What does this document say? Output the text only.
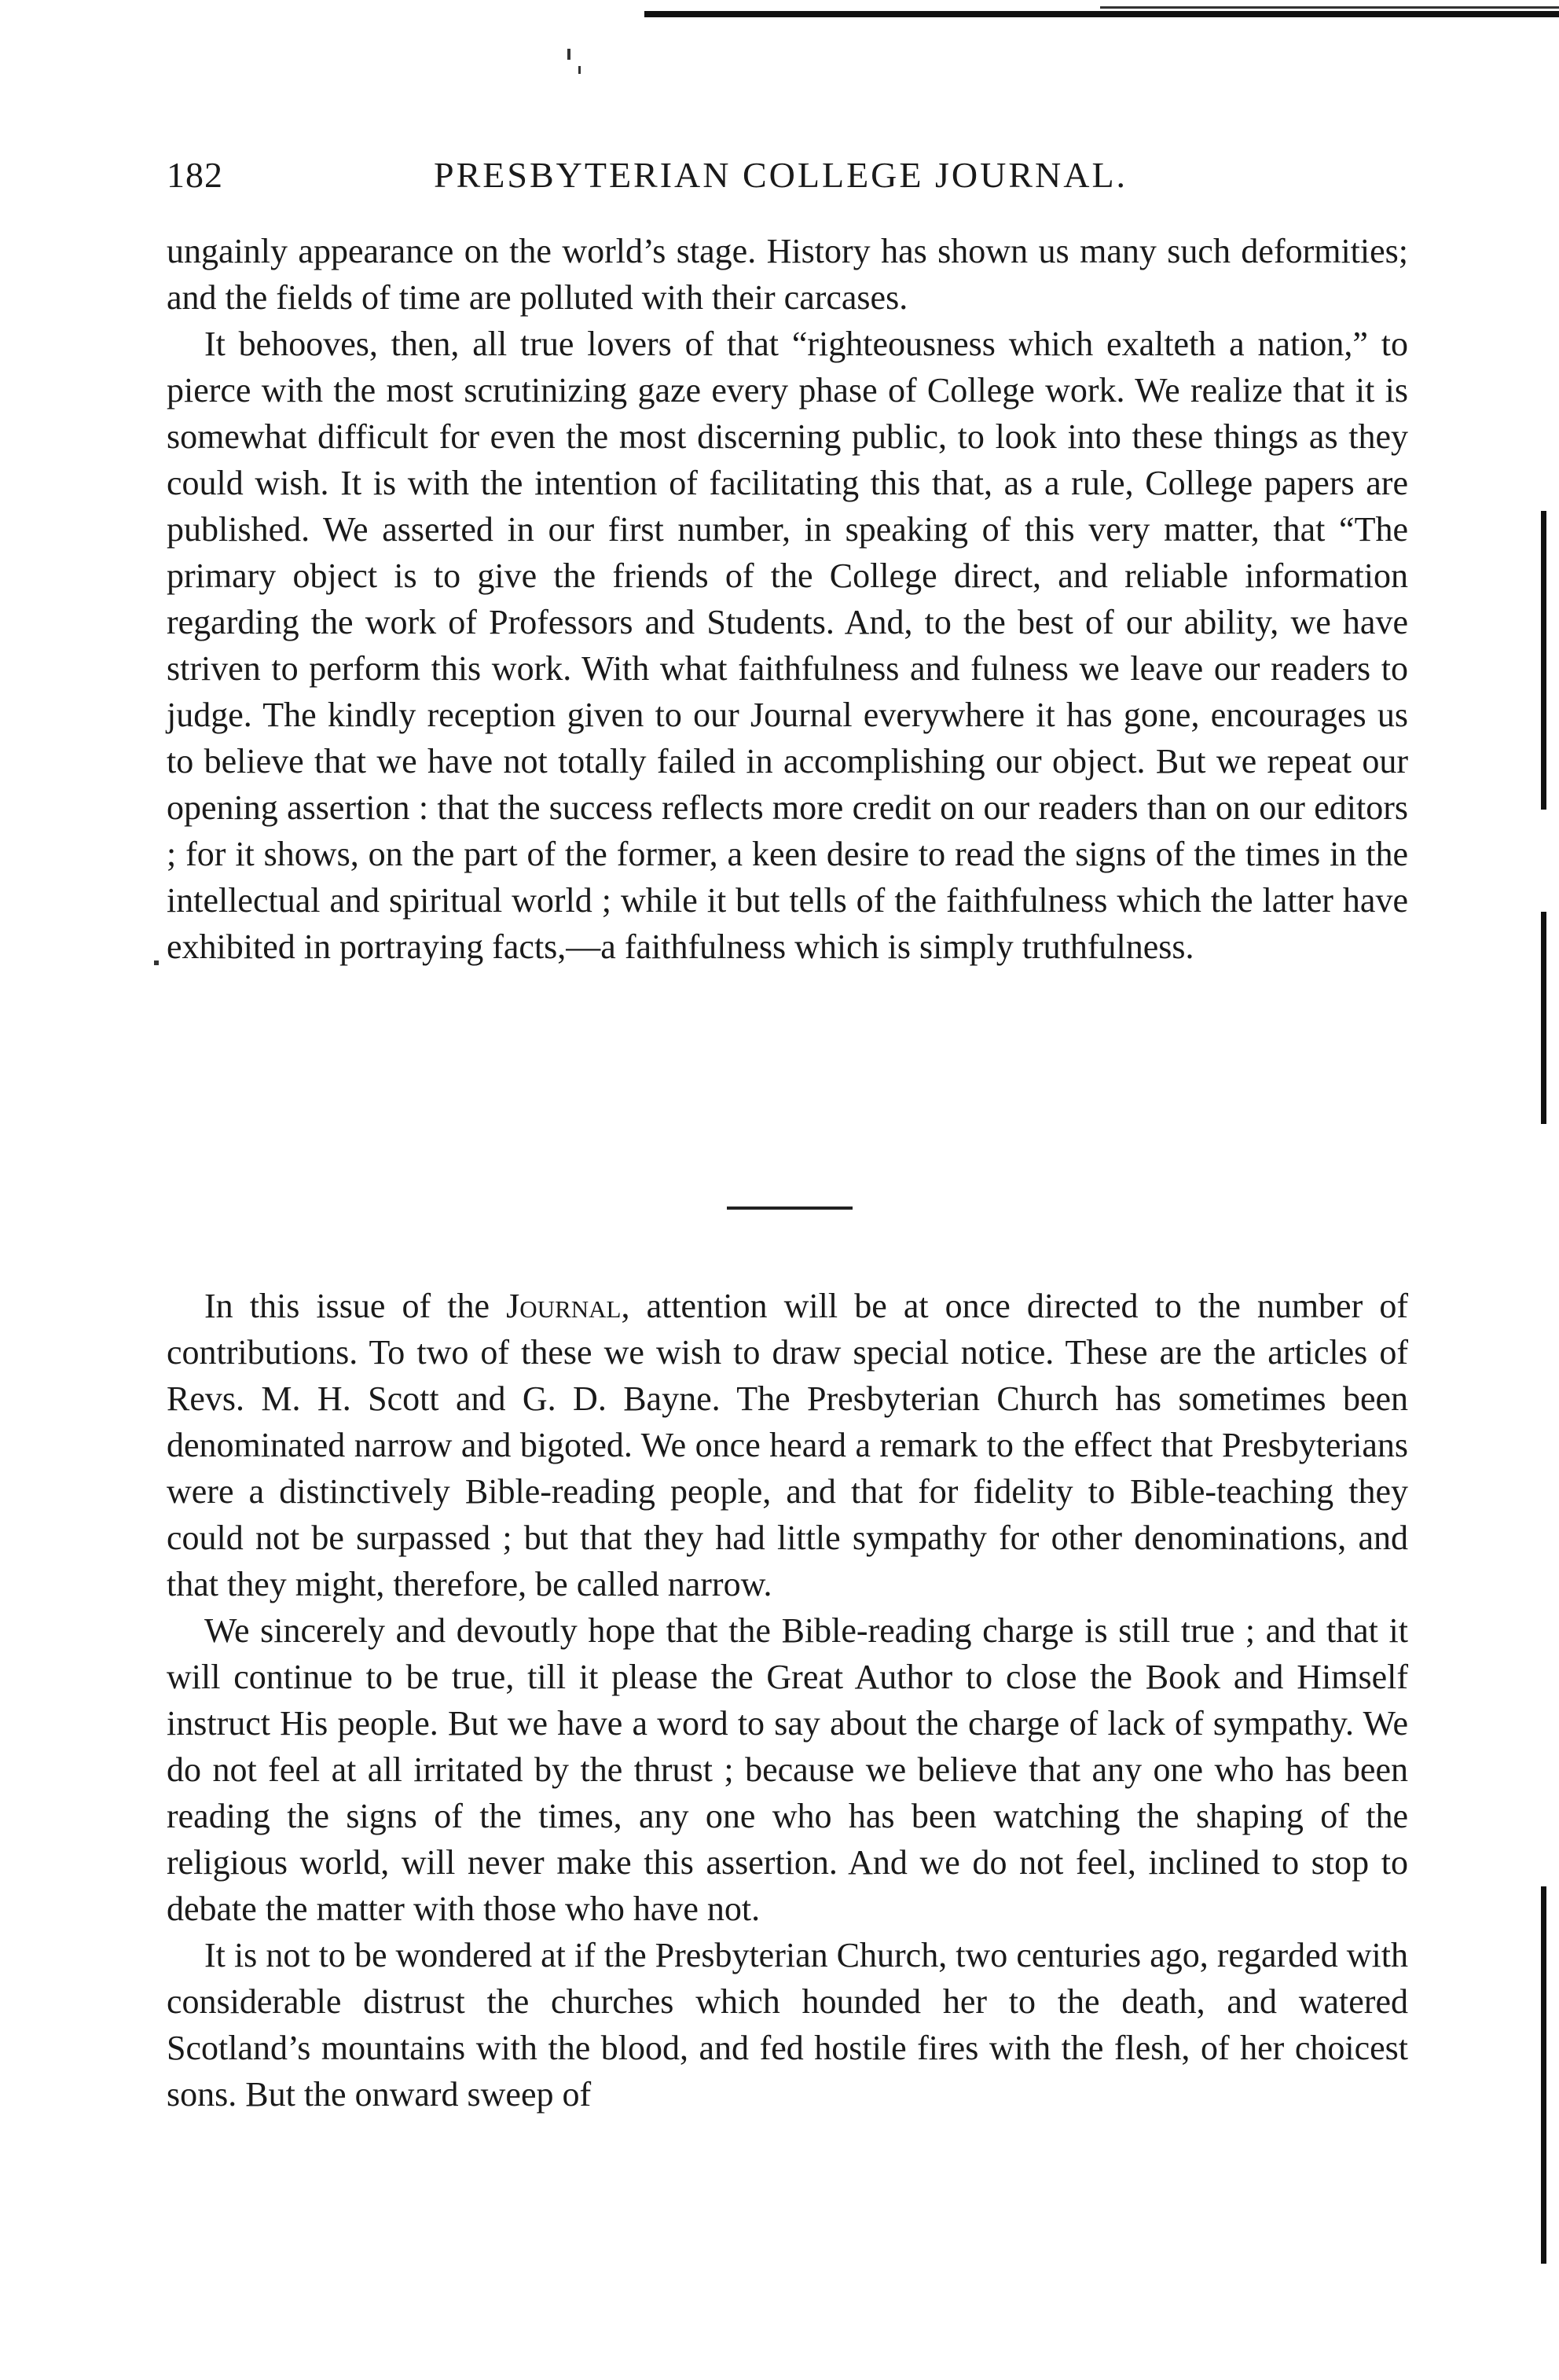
182	PRESBYTERIAN COLLEGE JOURNAL.

ungainly appearance on the world’s stage. History has shown us many such deformities; and the fields of time are polluted with their carcases.

It behooves, then, all true lovers of that “righteousness which exalteth a nation,” to pierce with the most scrutinizing gaze every phase of College work. We realize that it is somewhat difficult for even the most discerning public, to look into these things as they could wish. It is with the intention of facilitating this that, as a rule, College papers are published. We asserted in our first number, in speaking of this very matter, that “The primary object is to give the friends of the College direct, and reliable information regarding the work of Professors and Students. And, to the best of our ability, we have striven to perform this work. With what faithfulness and fulness we leave our readers to judge. The kindly reception given to our Journal everywhere it has gone, encourages us to believe that we have not totally failed in accomplishing our object. But we repeat our opening assertion : that the success reflects more credit on our readers than on our editors ; for it shows, on the part of the former, a keen desire to read the signs of the times in the intellectual and spiritual world ; while it but tells of the faithfulness which the latter have exhibited in portraying facts,—a faithfulness which is simply truthfulness.

In this issue of the Journal, attention will be at once directed to the number of contributions. To two of these we wish to draw special notice. These are the articles of Revs. M. H. Scott and G. D. Bayne. The Presbyterian Church has sometimes been denominated narrow and bigoted. We once heard a remark to the effect that Presbyterians were a distinctively Bible-reading people, and that for fidelity to Bible-teaching they could not be surpassed ; but that they had little sympathy for other denominations, and that they might, therefore, be called narrow.

We sincerely and devoutly hope that the Bible-reading charge is still true ; and that it will continue to be true, till it please the Great Author to close the Book and Himself instruct His people. But we have a word to say about the charge of lack of sympathy. We do not feel at all irritated by the thrust ; because we believe that any one who has been reading the signs of the times, any one who has been watching the shaping of the religious world, will never make this assertion. And we do not feel, inclined to stop to debate the matter with those who have not.

It is not to be wondered at if the Presbyterian Church, two centuries ago, regarded with considerable distrust the churches which hounded her to the death, and watered Scotland’s mountains with the blood, and fed hostile fires with the flesh, of her choicest sons. But the onward sweep of
